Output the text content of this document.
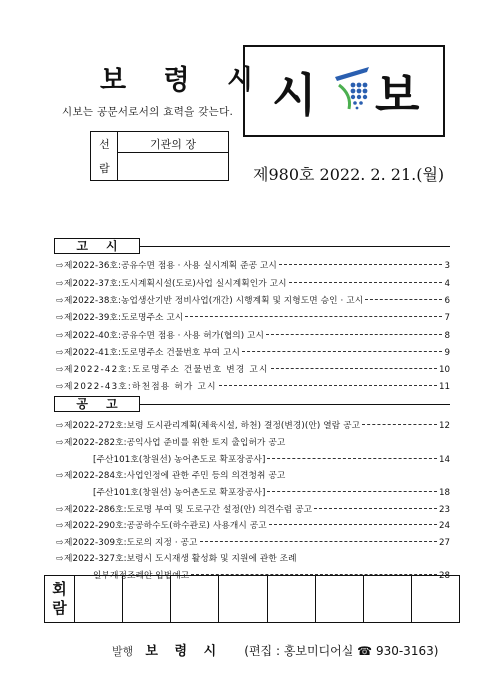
보 령 시
시보는 공문서로서의 효력을 갖는다. 시 보
선
람
기관의 장
제980호 2022. 2. 21.(월)
고시
⇨ 제2022-36호:공유수면 점용 · 사용 실시계획 준공 고시	3
⇨ 제2022-37호:도시계획시설(도로)사업 실시계획인가 고시	4
⇨ 제2022-38호:농업생산기반 정비사업(개간) 시행계획 및 지형도면 승인 · 고시	6
⇨ 제2022-39호:도로명주소 고시	7
⇨ 제2022-40호:공유수면 점용 · 사용 허가(협의) 고시	8
⇨ 제2022-41호:도로명주소 건물번호 부여 고시	9
⇨ 제2022-42호:도로명주소 건물번호 변경 고시	10
⇨ 제2022-43호:하천점용 허가 고시	11
공고
⇨ 제2022-272호:보령 도시관리계획(체육시설, 하천) 결정(변경)(안) 열람 공고	12
⇨ 제2022-282호:공익사업 준비를 위한 토지 출입허가 공고
[주산101호(창원선) 농어촌도로 확포장공사]	14
⇨ 제2022-284호:사업인정에 관한 주민 등의 의견청취 공고
[주산101호(창원선) 농어촌도로 확포장공사]	18
⇨ 제2022-286호:도로명 부여 및 도로구간 설정(안) 의견수렴 공고	23
⇨ 제2022-290호:공공하수도(하수관로) 사용개시 공고	24
⇨ 제2022-309호:도로의 지정 · 공고	27
⇨ 제2022-327호:보령시 도시재생 활성화 및 지원에 관한 조례
일부개정조례안 입법예고	28
회
람
발행 보 령 시 (편집 : 홍보미디어실 ☎ 930-3163)
